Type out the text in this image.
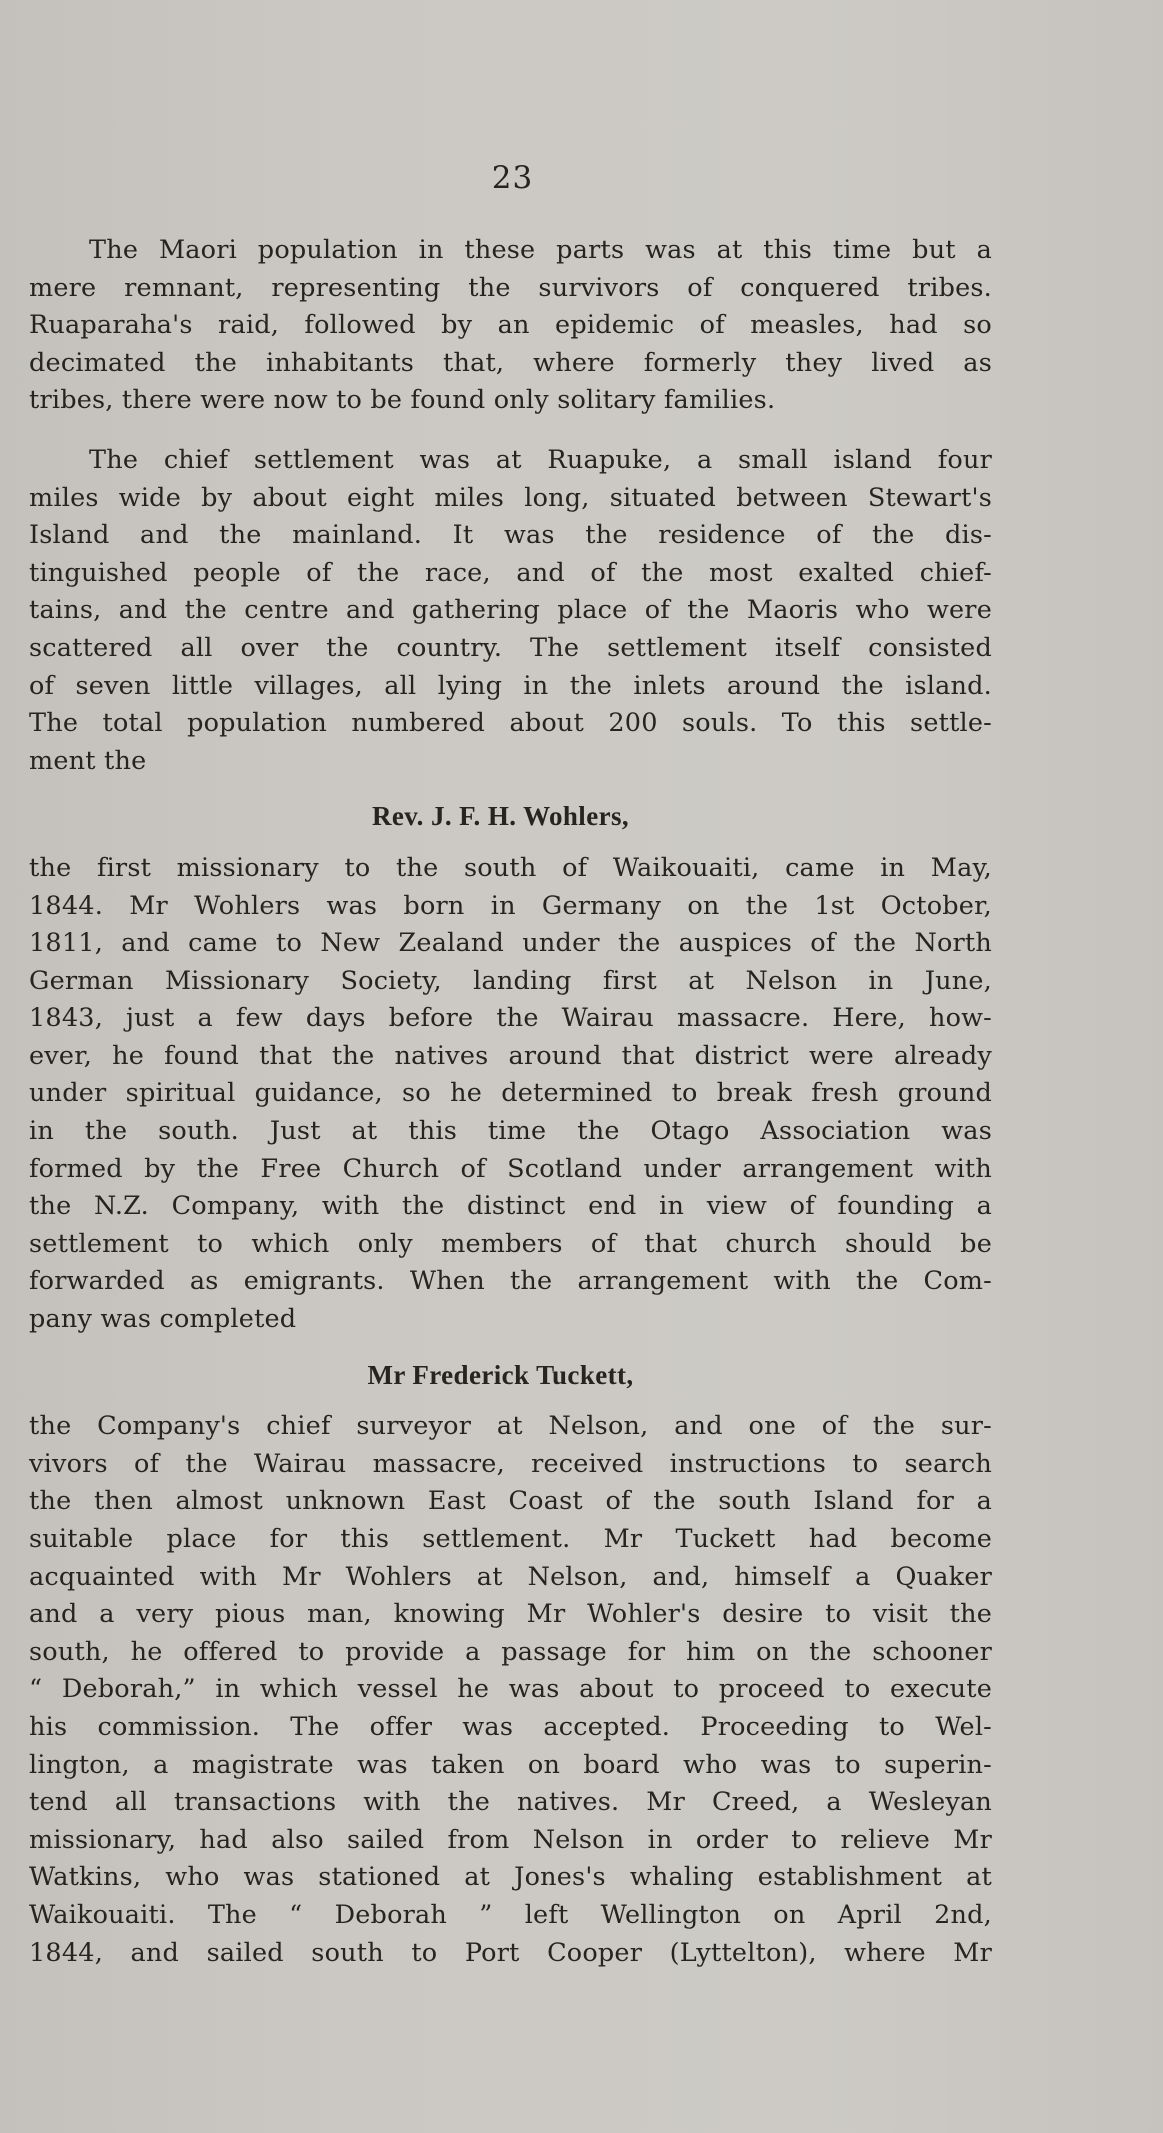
23

The Maori population in these parts was at this time but a
mere remnant, representing the survivors of conquered tribes.
Ruaparaha's raid, followed by an epidemic of measles, had so
decimated the inhabitants that, where formerly they lived as
tribes, there were now to be found only solitary families.

The chief settlement was at Ruapuke, a small island four
miles wide by about eight miles long, situated between Stewart's
Island and the mainland. It was the residence of the dis-
tinguished people of the race, and of the most exalted chief-
tains, and the centre and gathering place of the Maoris who were
scattered all over the country. The settlement itself consisted
of seven little villages, all lying in the inlets around the island.
The total population numbered about 200 souls. To this settle-
ment the

Rev. J. F. H. Wohlers,

the first missionary to the south of Waikouaiti, came in May,
1844. Mr Wohlers was born in Germany on the 1st October,
1811, and came to New Zealand under the auspices of the North
German Missionary Society, landing first at Nelson in June,
1843, just a few days before the Wairau massacre. Here, how-
ever, he found that the natives around that district were already
under spiritual guidance, so he determined to break fresh ground
in the south. Just at this time the Otago Association was
formed by the Free Church of Scotland under arrangement with
the N.Z. Company, with the distinct end in view of founding a
settlement to which only members of that church should be
forwarded as emigrants. When the arrangement with the Com-
pany was completed

Mr Frederick Tuckett,

the Company's chief surveyor at Nelson, and one of the sur-
vivors of the Wairau massacre, received instructions to search
the then almost unknown East Coast of the south Island for a
suitable place for this settlement. Mr Tuckett had become
acquainted with Mr Wohlers at Nelson, and, himself a Quaker
and a very pious man, knowing Mr Wohler's desire to visit the
south, he offered to provide a passage for him on the schooner
“ Deborah,” in which vessel he was about to proceed to execute
his commission. The offer was accepted. Proceeding to Wel-
lington, a magistrate was taken on board who was to superin-
tend all transactions with the natives. Mr Creed, a Wesleyan
missionary, had also sailed from Nelson in order to relieve Mr
Watkins, who was stationed at Jones's whaling establishment at
Waikouaiti. The “ Deborah ” left Wellington on April 2nd,
1844, and sailed south to Port Cooper (Lyttelton), where Mr
